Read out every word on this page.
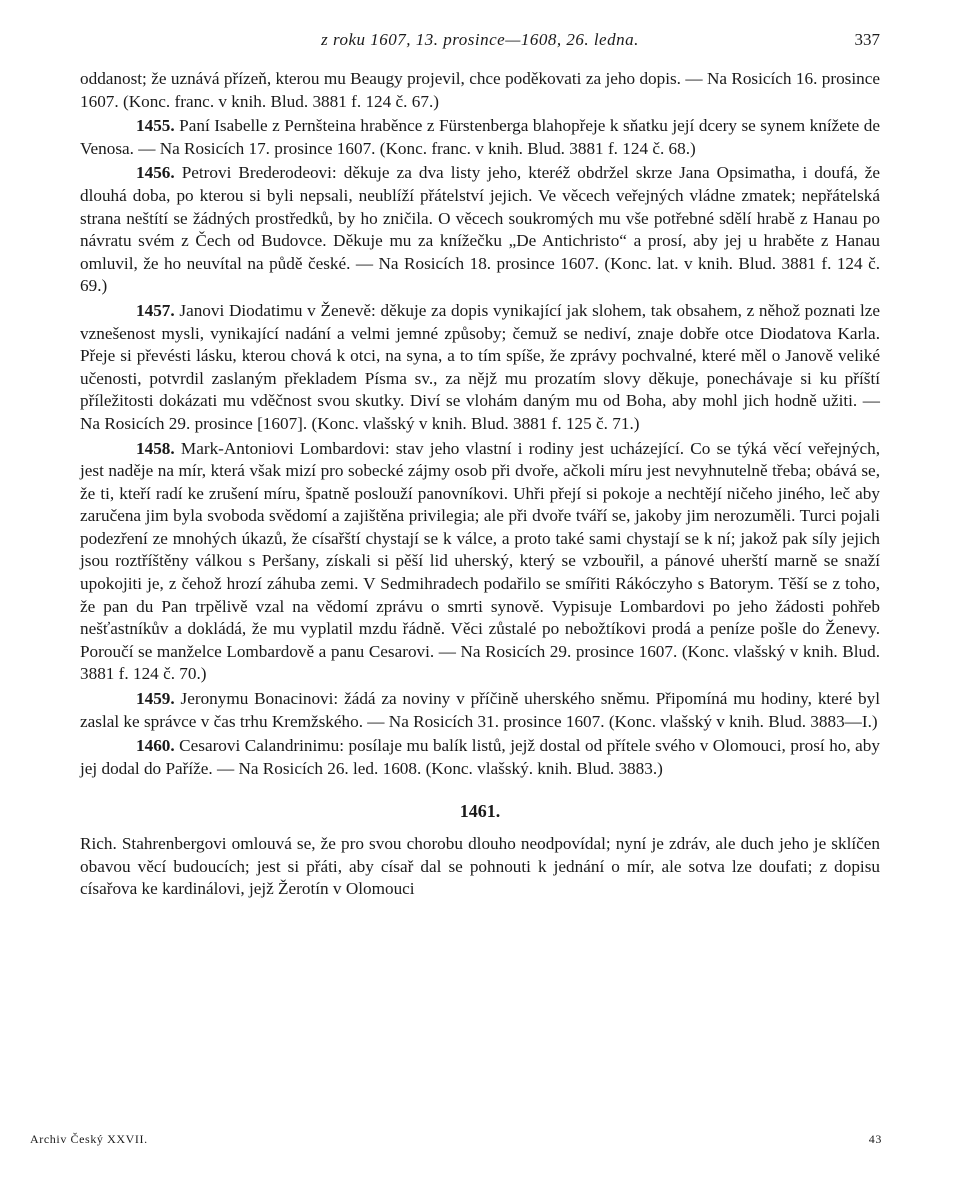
z roku 1607, 13. prosince—1608, 26. ledna.	337

oddanost; že uznává přízeň, kterou mu Beaugy projevil, chce poděkovati za jeho dopis. — Na Rosicích 16. prosince 1607. (Konc. franc. v knih. Blud. 3881 f. 124 č. 67.)

1455. Paní Isabelle z Pernšteina hraběnce z Fürstenberga blahopřeje k sňatku její dcery se synem knížete de Venosa. — Na Rosicích 17. prosince 1607. (Konc. franc. v knih. Blud. 3881 f. 124 č. 68.)

1456. Petrovi Brederodeovi: děkuje za dva listy jeho, kteréž obdržel skrze Jana Opsimatha, i doufá, že dlouhá doba, po kterou si byli nepsali, neublíží přátelství jejich. Ve věcech veřejných vládne zmatek; nepřátelská strana neštítí se žádných prostředků, by ho zničila. O věcech soukromých mu vše potřebné sdělí hrabě z Hanau po návratu svém z Čech od Budovce. Děkuje mu za knížečku „De Antichristo“ a prosí, aby jej u hraběte z Hanau omluvil, že ho neuvítal na půdě české. — Na Rosicích 18. prosince 1607. (Konc. lat. v knih. Blud. 3881 f. 124 č. 69.)

1457. Janovi Diodatimu v Ženevě: děkuje za dopis vynikající jak slohem, tak obsahem, z něhož poznati lze vznešenost mysli, vynikající nadání a velmi jemné způsoby; čemuž se nediví, znaje dobře otce Diodatova Karla. Přeje si převésti lásku, kterou chová k otci, na syna, a to tím spíše, že zprávy pochvalné, které měl o Janově veliké učenosti, potvrdil zaslaným překladem Písma sv., za nějž mu prozatím slovy děkuje, ponechávaje si ku příští příležitosti dokázati mu vděčnost svou skutky. Diví se vlohám daným mu od Boha, aby mohl jich hodně užiti. — Na Rosicích 29. prosince [1607]. (Konc. vlašský v knih. Blud. 3881 f. 125 č. 71.)

1458. Mark-Antoniovi Lombardovi: stav jeho vlastní i rodiny jest ucházející. Co se týká věcí veřejných, jest naděje na mír, která však mizí pro sobecké zájmy osob při dvoře, ačkoli míru jest nevyhnutelně třeba; obává se, že ti, kteří radí ke zrušení míru, špatně poslouží panovníkovi. Uhři přejí si pokoje a nechtějí ničeho jiného, leč aby zaručena jim byla svoboda svědomí a zajištěna privilegia; ale při dvoře tváří se, jakoby jim nerozuměli. Turci pojali podezření ze mnohých úkazů, že císařští chystají se k válce, a proto také sami chystají se k ní; jakož pak síly jejich jsou roztříštěny válkou s Peršany, získali si pěší lid uherský, který se vzbouřil, a pánové uherští marně se snaží upokojiti je, z čehož hrozí záhuba zemi. V Sedmihradech podařilo se smířiti Rákóczyho s Batorym. Těší se z toho, že pan du Pan trpělivě vzal na vědomí zprávu o smrti synově. Vypisuje Lombardovi po jeho žádosti pohřeb nešťastníkův a dokládá, že mu vyplatil mzdu řádně. Věci zůstalé po nebožtíkovi prodá a peníze pošle do Ženevy. Poroučí se manželce Lombardově a panu Cesarovi. — Na Rosicích 29. prosince 1607. (Konc. vlašský v knih. Blud. 3881 f. 124 č. 70.)

1459. Jeronymu Bonacinovi: žádá za noviny v příčině uherského sněmu. Připomíná mu hodiny, které byl zaslal ke správce v čas trhu Kremžského. — Na Rosicích 31. prosince 1607. (Konc. vlašský v knih. Blud. 3883—I.)

1460. Cesarovi Calandrinimu: posílaje mu balík listů, jejž dostal od přítele svého v Olomouci, prosí ho, aby jej dodal do Paříže. — Na Rosicích 26. led. 1608. (Konc. vlašský. knih. Blud. 3883.)

1461.

Rich. Stahrenbergovi omlouvá se, že pro svou chorobu dlouho neodpovídal; nyní je zdráv, ale duch jeho je sklíčen obavou věcí budoucích; jest si přáti, aby císař dal se pohnouti k jednání o mír, ale sotva lze doufati; z dopisu císařova ke kardinálovi, jejž Žerotín v Olomouci

Archiv Český XXVII.	43
